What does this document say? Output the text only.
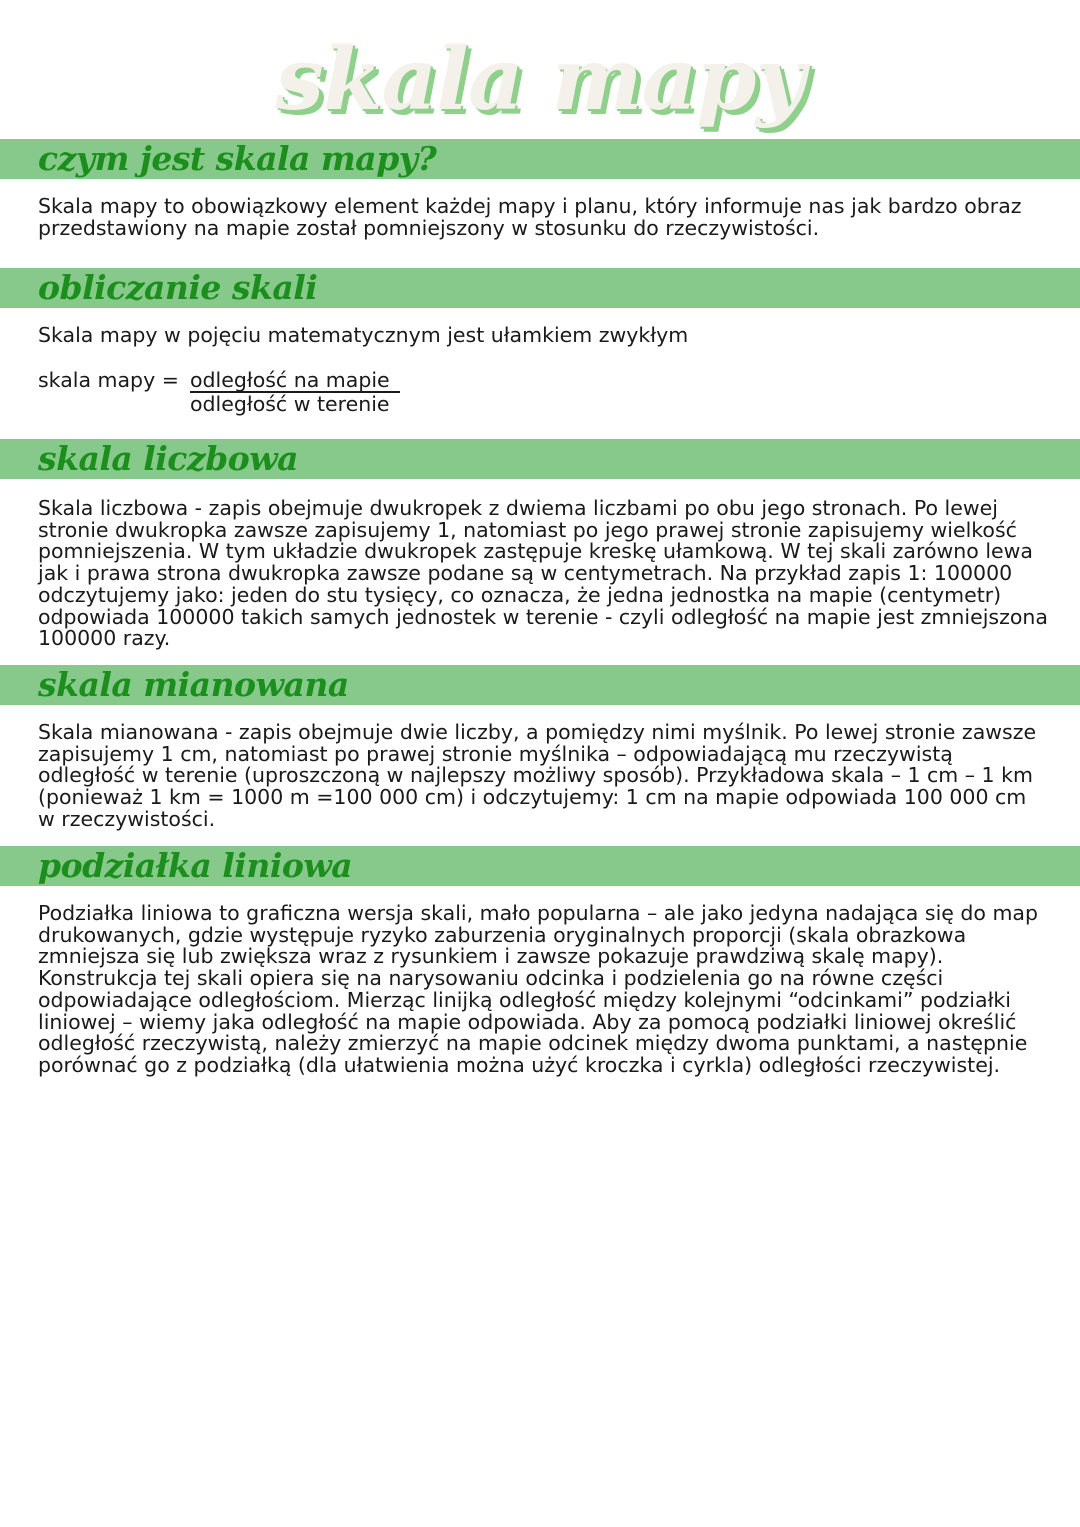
skala mapy
czym jest skala mapy?

Skala mapy to obowiązkowy element każdej mapy i planu, który informuje nas jak bardzo obraz przedstawiony na mapie został pomniejszony w stosunku do rzeczywistości.

obliczanie skali

Skala mapy w pojęciu matematycznym jest ułamkiem zwykłym

skala mapy = odległość na mapie
odległość w terenie
skala liczbowa

Skala liczbowa - zapis obejmuje dwukropek z dwiema liczbami po obu jego stronach. Po lewej stronie dwukropka zawsze zapisujemy 1, natomiast po jego prawej stronie zapisujemy wielkość pomniejszenia. W tym układzie dwukropek zastępuje kreskę ułamkową. W tej skali zarówno lewa jak i prawa strona dwukropka zawsze podane są w centymetrach. Na przykład zapis 1: 100000 odczytujemy jako: jeden do stu tysięcy, co oznacza, że jedna jednostka na mapie (centymetr) odpowiada 100000 takich samych jednostek w terenie - czyli odległość na mapie jest zmniejszona 100000 razy.

skala mianowana

Skala mianowana - zapis obejmuje dwie liczby, a pomiędzy nimi myślnik. Po lewej stronie zawsze zapisujemy 1 cm, natomiast po prawej stronie myślnika – odpowiadającą mu rzeczywistą odległość w terenie (uproszczoną w najlepszy możliwy sposób). Przykładowa skala – 1 cm – 1 km (ponieważ 1 km = 1000 m =100 000 cm) i odczytujemy: 1 cm na mapie odpowiada 100 000 cm w rzeczywistości.

podziałka liniowa

Podziałka liniowa to graficzna wersja skali, mało popularna – ale jako jedyna nadająca się do map drukowanych, gdzie występuje ryzyko zaburzenia oryginalnych proporcji (skala obrazkowa zmniejsza się lub zwiększa wraz z rysunkiem i zawsze pokazuje prawdziwą skalę mapy). Konstrukcja tej skali opiera się na narysowaniu odcinka i podzielenia go na równe części odpowiadające odległościom. Mierząc linijką odległość między kolejnymi “odcinkami” podziałki liniowej – wiemy jaka odległość na mapie odpowiada. Aby za pomocą podziałki liniowej określić odległość rzeczywistą, należy zmierzyć na mapie odcinek między dwoma punktami, a następnie porównać go z podziałką (dla ułatwienia można użyć kroczka i cyrkla) odległości rzeczywistej.
